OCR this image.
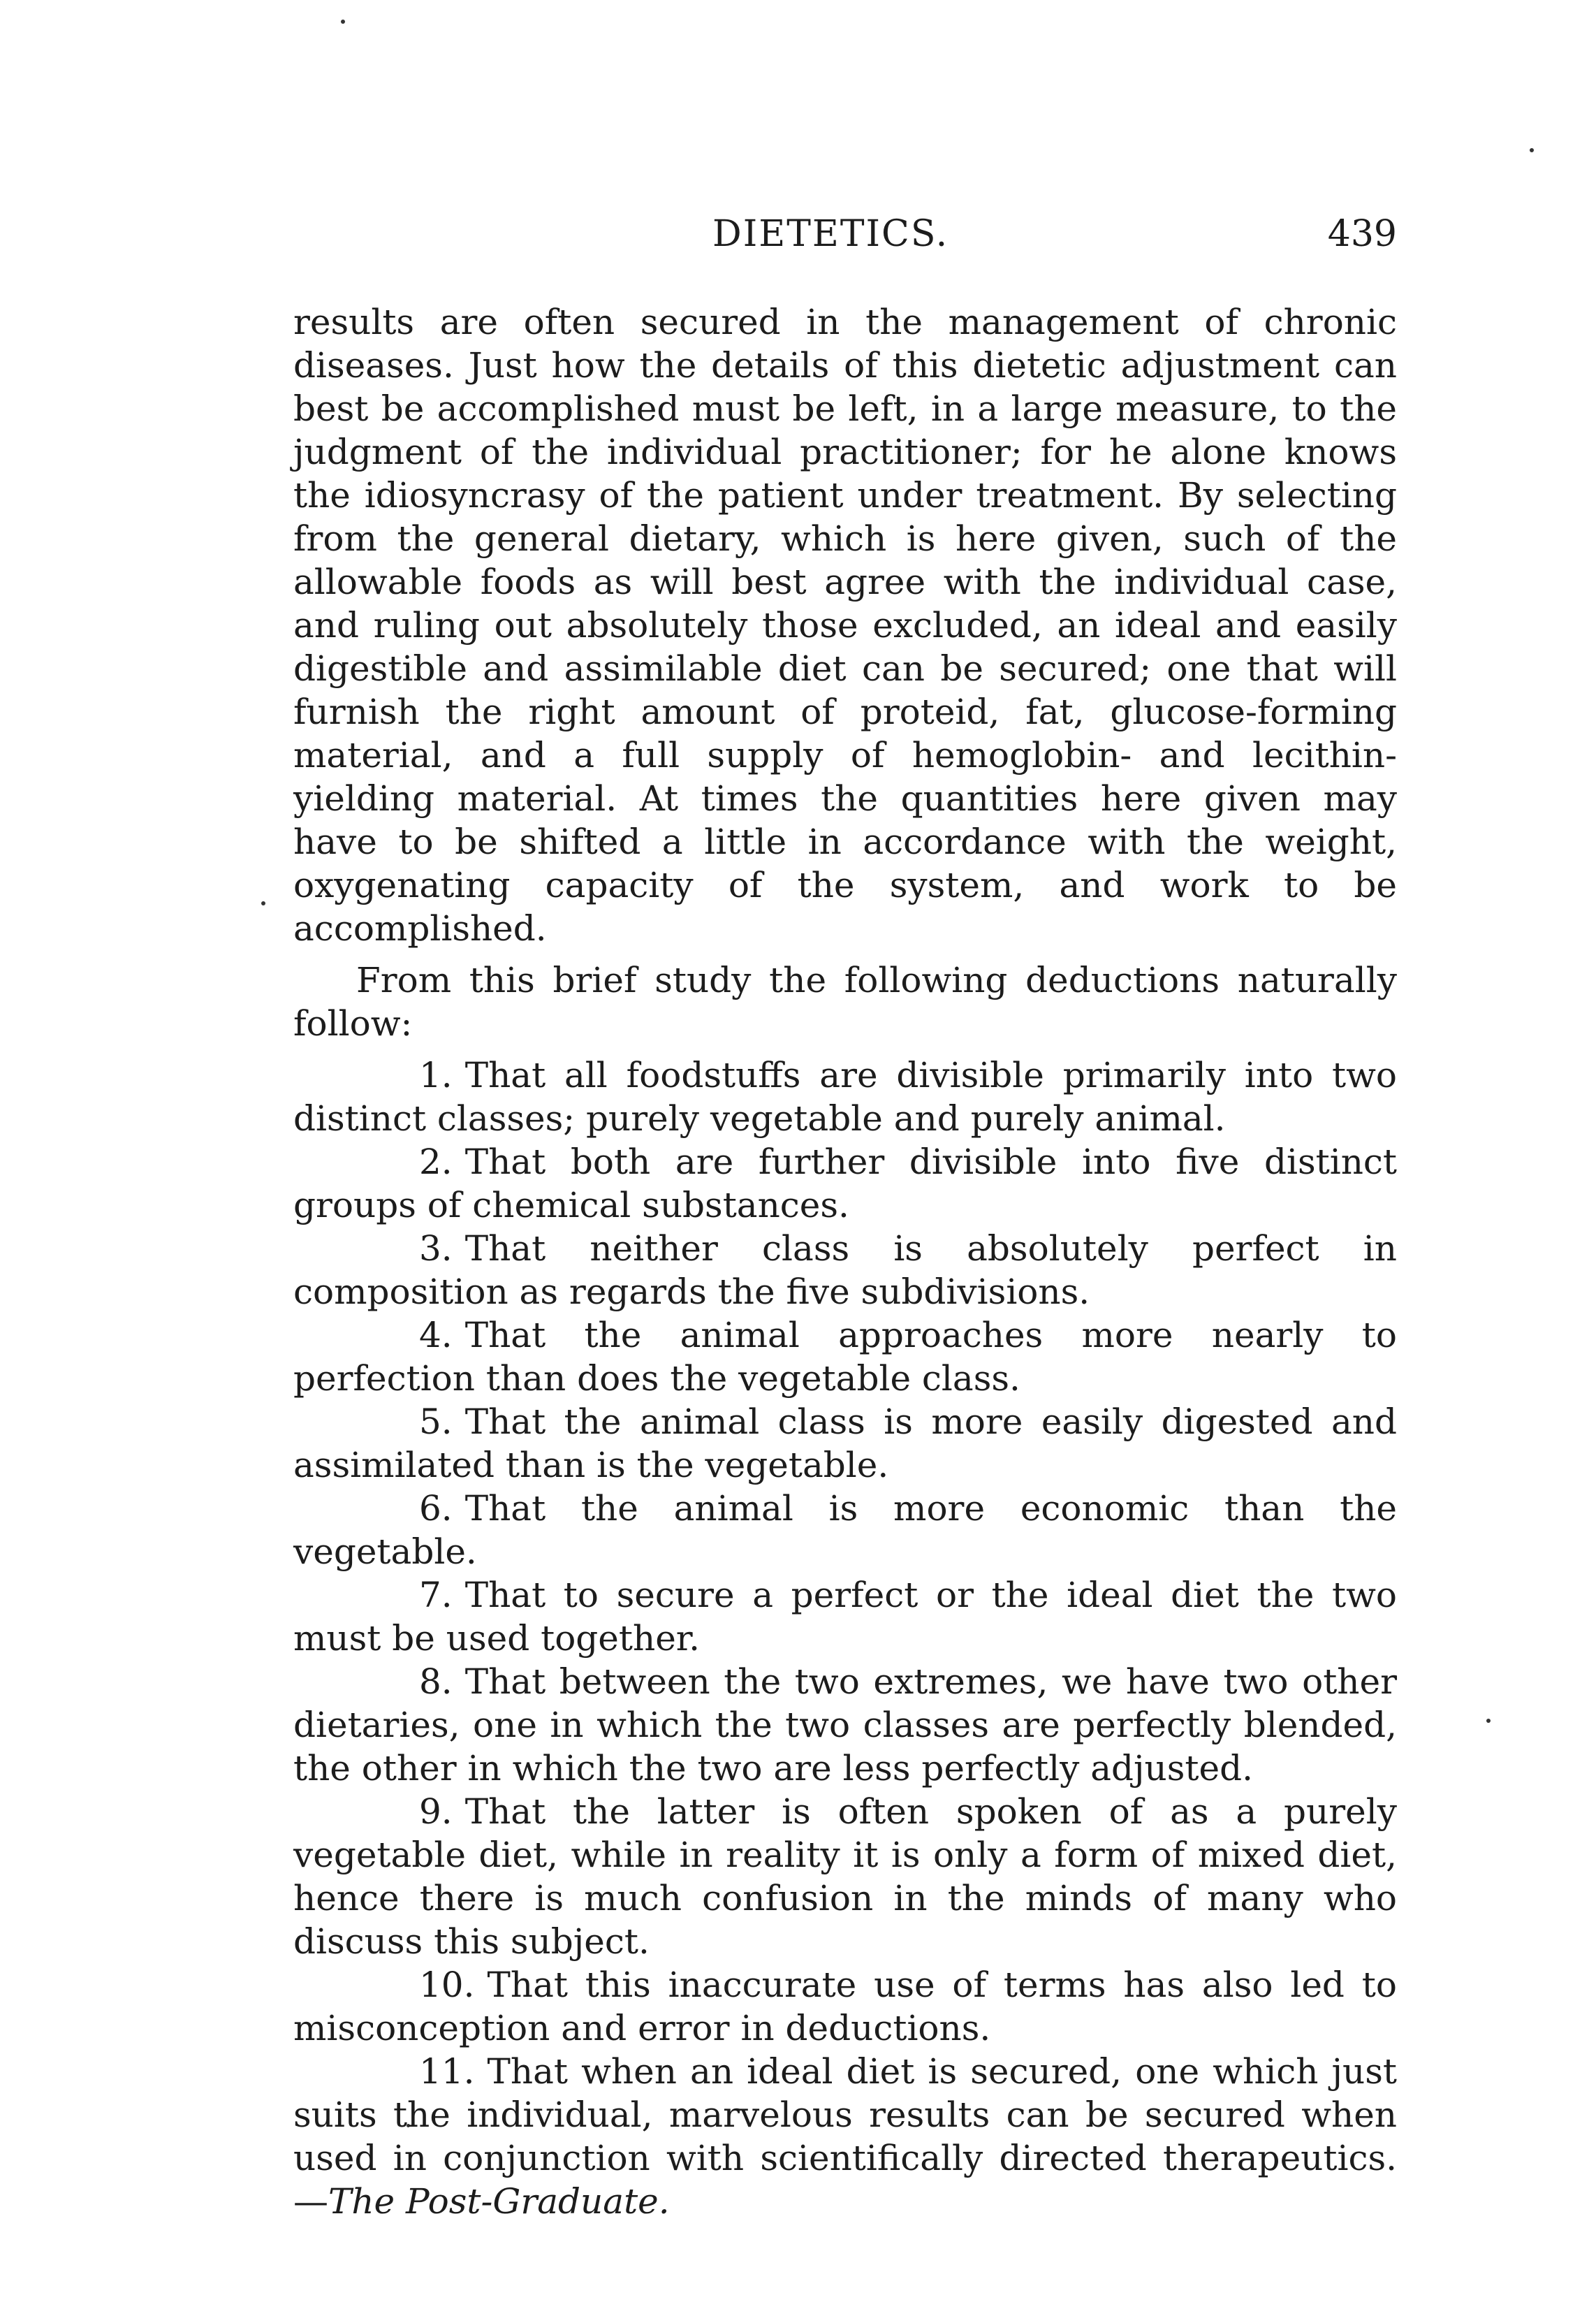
DIETETICS.	439

results are often secured in the management of chronic diseases. Just how the details of this dietetic adjustment can best be accomplished must be left, in a large measure, to the judgment of the individual practitioner; for he alone knows the idiosyncrasy of the patient under treatment. By selecting from the general dietary, which is here given, such of the allowable foods as will best agree with the individual case, and ruling out absolutely those excluded, an ideal and easily digestible and assimilable diet can be secured; one that will furnish the right amount of proteid, fat, glucose-forming material, and a full supply of hemoglobin- and lecithin-yielding material. At times the quantities here given may have to be shifted a little in accordance with the weight, oxygenating capacity of the system, and work to be accomplished.

From this brief study the following deductions naturally follow:

1. That all foodstuffs are divisible primarily into two distinct classes; purely vegetable and purely animal.

2. That both are further divisible into five distinct groups of chemical substances.

3. That neither class is absolutely perfect in composition as regards the five subdivisions.

4. That the animal approaches more nearly to perfection than does the vegetable class.

5. That the animal class is more easily digested and assimilated than is the vegetable.

6. That the animal is more economic than the vegetable.

7. That to secure a perfect or the ideal diet the two must be used together.

8. That between the two extremes, we have two other dietaries, one in which the two classes are perfectly blended, the other in which the two are less perfectly adjusted.

9. That the latter is often spoken of as a purely vegetable diet, while in reality it is only a form of mixed diet, hence there is much confusion in the minds of many who discuss this subject.

10. That this inaccurate use of terms has also led to misconception and error in deductions.

11. That when an ideal diet is secured, one which just suits the individual, marvelous results can be secured when used in conjunction with scientifically directed therapeutics.—The Post-Graduate.
